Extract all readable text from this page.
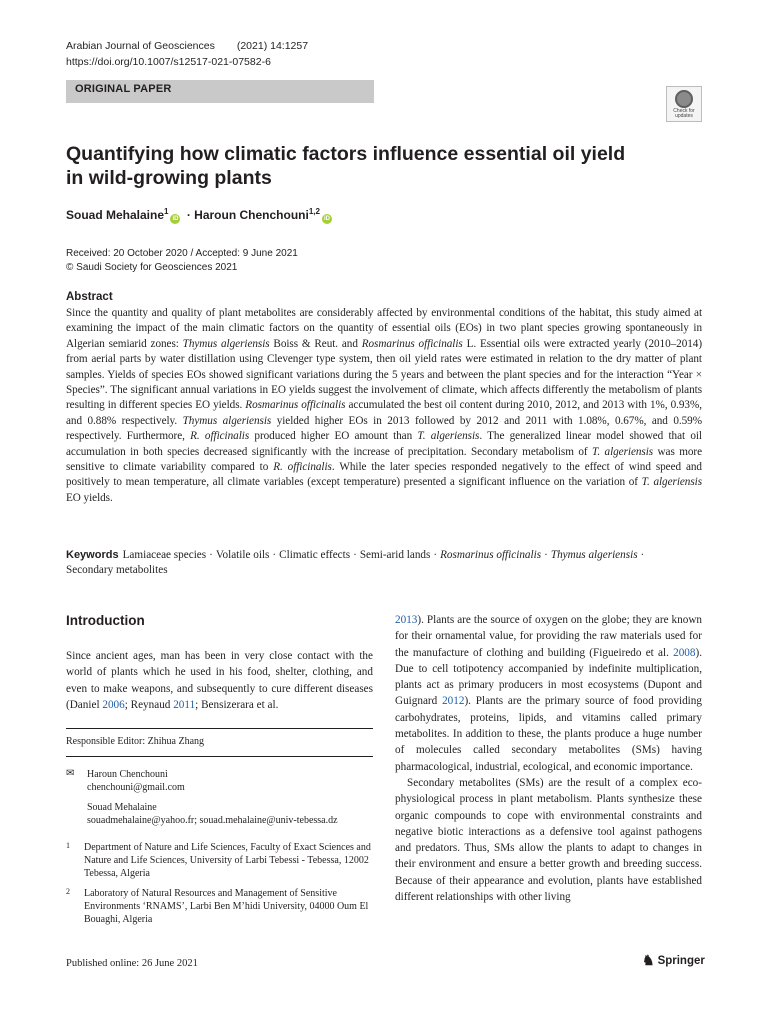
Arabian Journal of Geosciences (2021) 14:1257
https://doi.org/10.1007/s12517-021-07582-6
ORIGINAL PAPER
Check for updates
Quantifying how climatic factors influence essential oil yield in wild-growing plants
Souad Mehalaine$^1$iD · Haroun Chenchouni$^{1,2}$iD
Received: 20 October 2020 / Accepted: 9 June 2021
© Saudi Society for Geosciences 2021
Abstract
Since the quantity and quality of plant metabolites are considerably affected by environmental conditions of the habitat, this study aimed at examining the impact of the main climatic factors on the quantity of essential oils (EOs) in two plant species growing spontaneously in Algerian semiarid zones: Thymus algeriensis Boiss & Reut. and Rosmarinus officinalis L. Essential oils were extracted yearly (2010–2014) from aerial parts by water distillation using Clevenger type system, then oil yield rates were estimated in relation to the dry matter of plant samples. Yields of species EOs showed significant variations during the 5 years and between the plant species and for the interaction “Year × Species”. The significant annual variations in EO yields suggest the involvement of climate, which affects differently the metabolism of plants resulting in different species EO yields. Rosmarinus officinalis accumulated the best oil content during 2010, 2012, and 2013 with 1%, 0.93%, and 0.88% respectively. Thymus algeriensis yielded higher EOs in 2013 followed by 2012 and 2011 with 1.08%, 0.67%, and 0.59% respectively. Furthermore, R. officinalis produced higher EO amount than T. algeriensis. The generalized linear model showed that oil accumulation in both species decreased significantly with the increase of precipitation. Secondary metabolism of T. algeriensis was more sensitive to climate variability compared to R. officinalis. While the later species responded negatively to the effect of wind speed and positively to mean temperature, all climate variables (except temperature) presented a significant influence on the variation of T. algeriensis EO yields.
Keywords Lamiaceae species · Volatile oils · Climatic effects · Semi-arid lands · Rosmarinus officinalis · Thymus algeriensis ·
Secondary metabolites
Introduction
Since ancient ages, man has been in very close contact with the world of plants which he used in his food, shelter, clothing, and even to make weapons, and subsequently to cure different diseases (Daniel 2006; Reynaud 2011; Bensizerara et al.
Responsible Editor: Zhihua Zhang
✉ Haroun Chenchouni
chenchouni@gmail.com
Souad Mehalaine
souadmehalaine@yahoo.fr; souad.mehalaine@univ-tebessa.dz
1 Department of Nature and Life Sciences, Faculty of Exact Sciences and Nature and Life Sciences, University of Larbi Tebessi - Tebessa, 12002 Tebessa, Algeria
2 Laboratory of Natural Resources and Management of Sensitive Environments ‘RNAMS’, Larbi Ben M’hidi University, 04000 Oum El Bouaghi, Algeria

2013). Plants are the source of oxygen on the globe; they are known for their ornamental value, for providing the raw materials used for the manufacture of clothing and building (Figueiredo et al. 2008). Due to cell totipotency accompanied by indefinite multiplication, plants act as primary producers in most ecosystems (Dupont and Guignard 2012). Plants are the primary source of food providing carbohydrates, proteins, lipids, and vitamins called primary metabolites. In addition to these, the plants produce a huge number of molecules called secondary metabolites (SMs) having pharmacological, industrial, ecological, and economic importance.

Secondary metabolites (SMs) are the result of a complex eco-physiological process in plant metabolism. Plants synthesize these organic compounds to cope with environmental constraints and negative biotic interactions as a defensive tool against pathogens and predators. Thus, SMs allow the plants to adapt to changes in their environment and ensure a better growth and breeding success. Because of their appearance and evolution, plants have established different relationships with other living

Published online: 26 June 2021	♞ Springer
